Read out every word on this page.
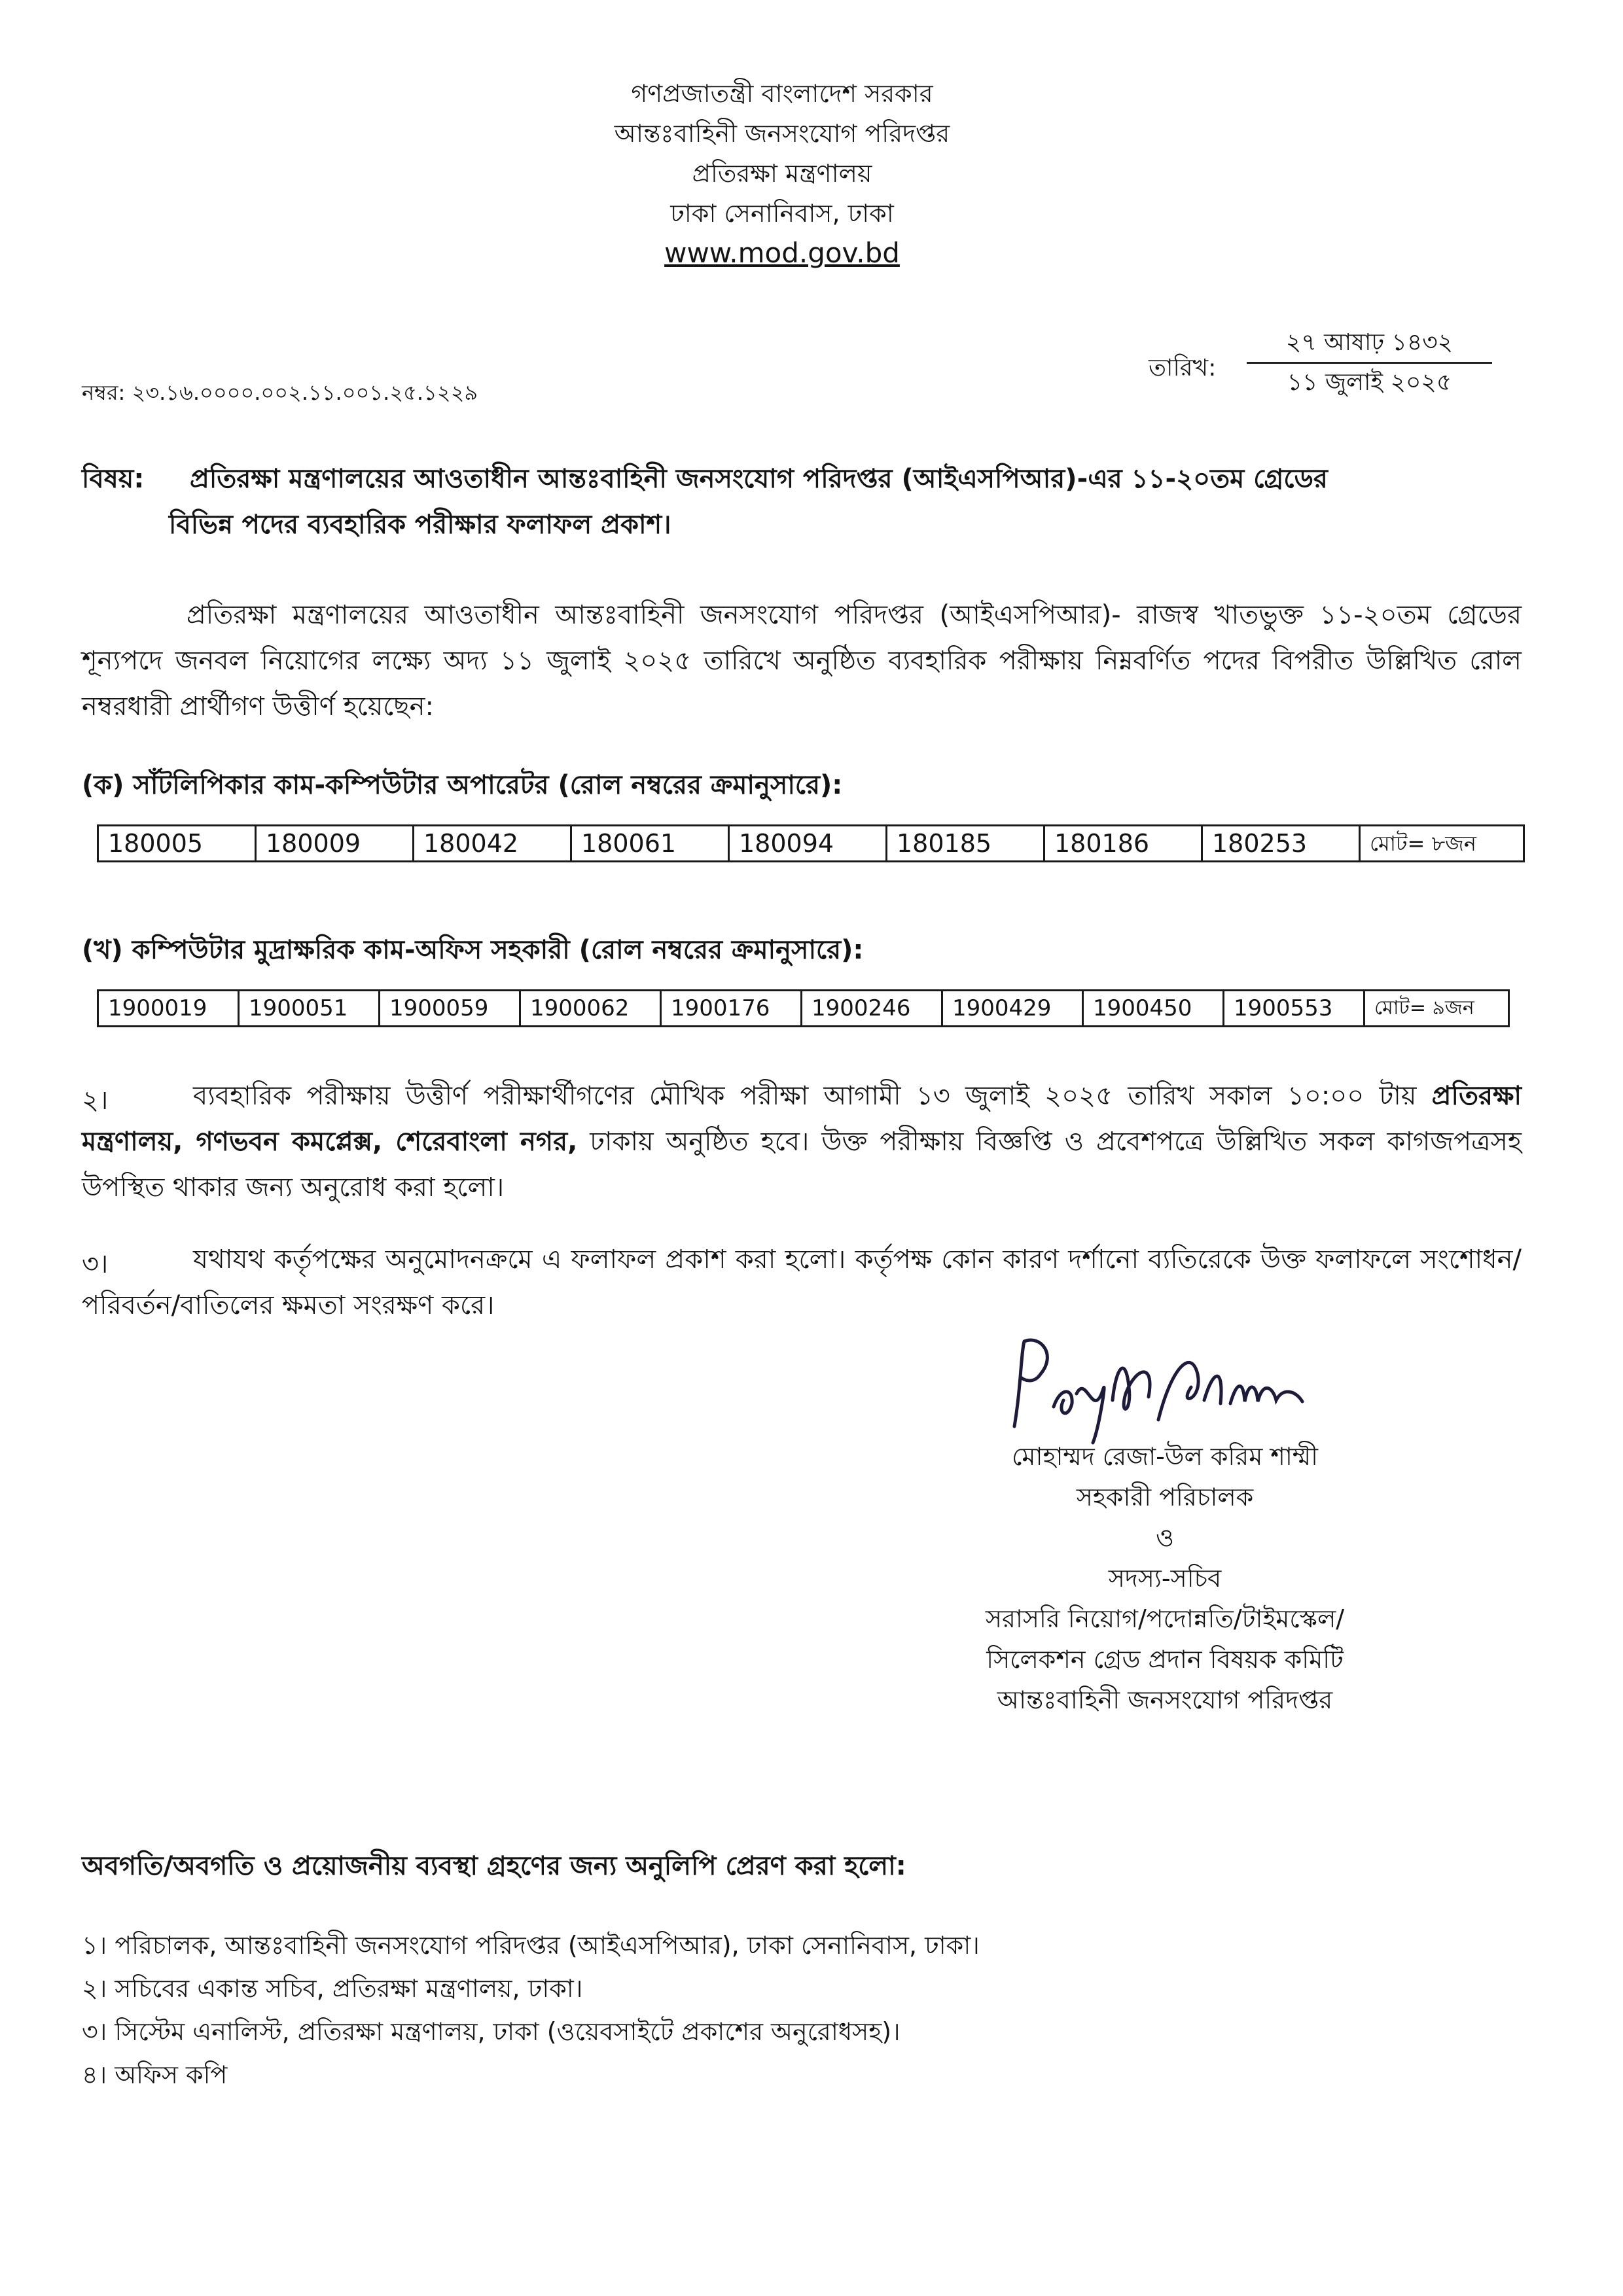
গণপ্রজাতন্ত্রী বাংলাদেশ সরকার
আন্তঃবাহিনী জনসংযোগ পরিদপ্তর
প্রতিরক্ষা মন্ত্রণালয়
ঢাকা সেনানিবাস, ঢাকা
www.mod.gov.bd
নম্বর: ২৩.১৬.০০০০.০০২.১১.০০১.২৫.১২২৯
তারিখ:
২৭ আষাঢ় ১৪৩২
১১ জুলাই ২০২৫
বিষয়: প্রতিরক্ষা মন্ত্রণালয়ের আওতাধীন আন্তঃবাহিনী জনসংযোগ পরিদপ্তর (আইএসপিআর)-এর ১১-২০তম গ্রেডের
বিভিন্ন পদের ব্যবহারিক পরীক্ষার ফলাফল প্রকাশ।
প্রতিরক্ষা মন্ত্রণালয়ের আওতাধীন আন্তঃবাহিনী জনসংযোগ পরিদপ্তর (আইএসপিআর)- রাজস্ব খাতভুক্ত ১১-২০তম গ্রেডের শূন্যপদে জনবল নিয়োগের লক্ষ্যে অদ্য ১১ জুলাই ২০২৫ তারিখে অনুষ্ঠিত ব্যবহারিক পরীক্ষায় নিম্নবর্ণিত পদের বিপরীত উল্লিখিত রোল নম্বরধারী প্রার্থীগণ উত্তীর্ণ হয়েছেন:
(ক) সাঁটলিপিকার কাম-কম্পিউটার অপারেটর (রোল নম্বরের ক্রমানুসারে):
180005	180009	180042	180061	180094	180185	180186	180253	মোট= ৮জন
(খ) কম্পিউটার মুদ্রাক্ষরিক কাম-অফিস সহকারী (রোল নম্বরের ক্রমানুসারে):
1900019	1900051	1900059	1900062	1900176	1900246	1900429	1900450	1900553	মোট= ৯জন
২।	ব্যবহারিক পরীক্ষায় উত্তীর্ণ পরীক্ষার্থীগণের মৌখিক পরীক্ষা আগামী ১৩ জুলাই ২০২৫ তারিখ সকাল ১০:০০ টায় প্রতিরক্ষা মন্ত্রণালয়, গণভবন কমপ্লেক্স, শেরেবাংলা নগর, ঢাকায় অনুষ্ঠিত হবে। উক্ত পরীক্ষায় বিজ্ঞপ্তি ও প্রবেশপত্রে উল্লিখিত সকল কাগজপত্রসহ উপস্থিত থাকার জন্য অনুরোধ করা হলো।
৩।	যথাযথ কর্তৃপক্ষের অনুমোদনক্রমে এ ফলাফল প্রকাশ করা হলো। কর্তৃপক্ষ কোন কারণ দর্শানো ব্যতিরেকে উক্ত ফলাফলে সংশোধন/পরিবর্তন/বাতিলের ক্ষমতা সংরক্ষণ করে।
মোহাম্মদ রেজা-উল করিম শাম্মী
সহকারী পরিচালক
ও
সদস্য-সচিব
সরাসরি নিয়োগ/পদোন্নতি/টাইমস্কেল/
সিলেকশন গ্রেড প্রদান বিষয়ক কমিটি
আন্তঃবাহিনী জনসংযোগ পরিদপ্তর
অবগতি/অবগতি ও প্রয়োজনীয় ব্যবস্থা গ্রহণের জন্য অনুলিপি প্রেরণ করা হলো:
১। পরিচালক, আন্তঃবাহিনী জনসংযোগ পরিদপ্তর (আইএসপিআর), ঢাকা সেনানিবাস, ঢাকা।
২। সচিবের একান্ত সচিব, প্রতিরক্ষা মন্ত্রণালয়, ঢাকা।
৩। সিস্টেম এনালিস্ট, প্রতিরক্ষা মন্ত্রণালয়, ঢাকা (ওয়েবসাইটে প্রকাশের অনুরোধসহ)।
৪। অফিস কপি
